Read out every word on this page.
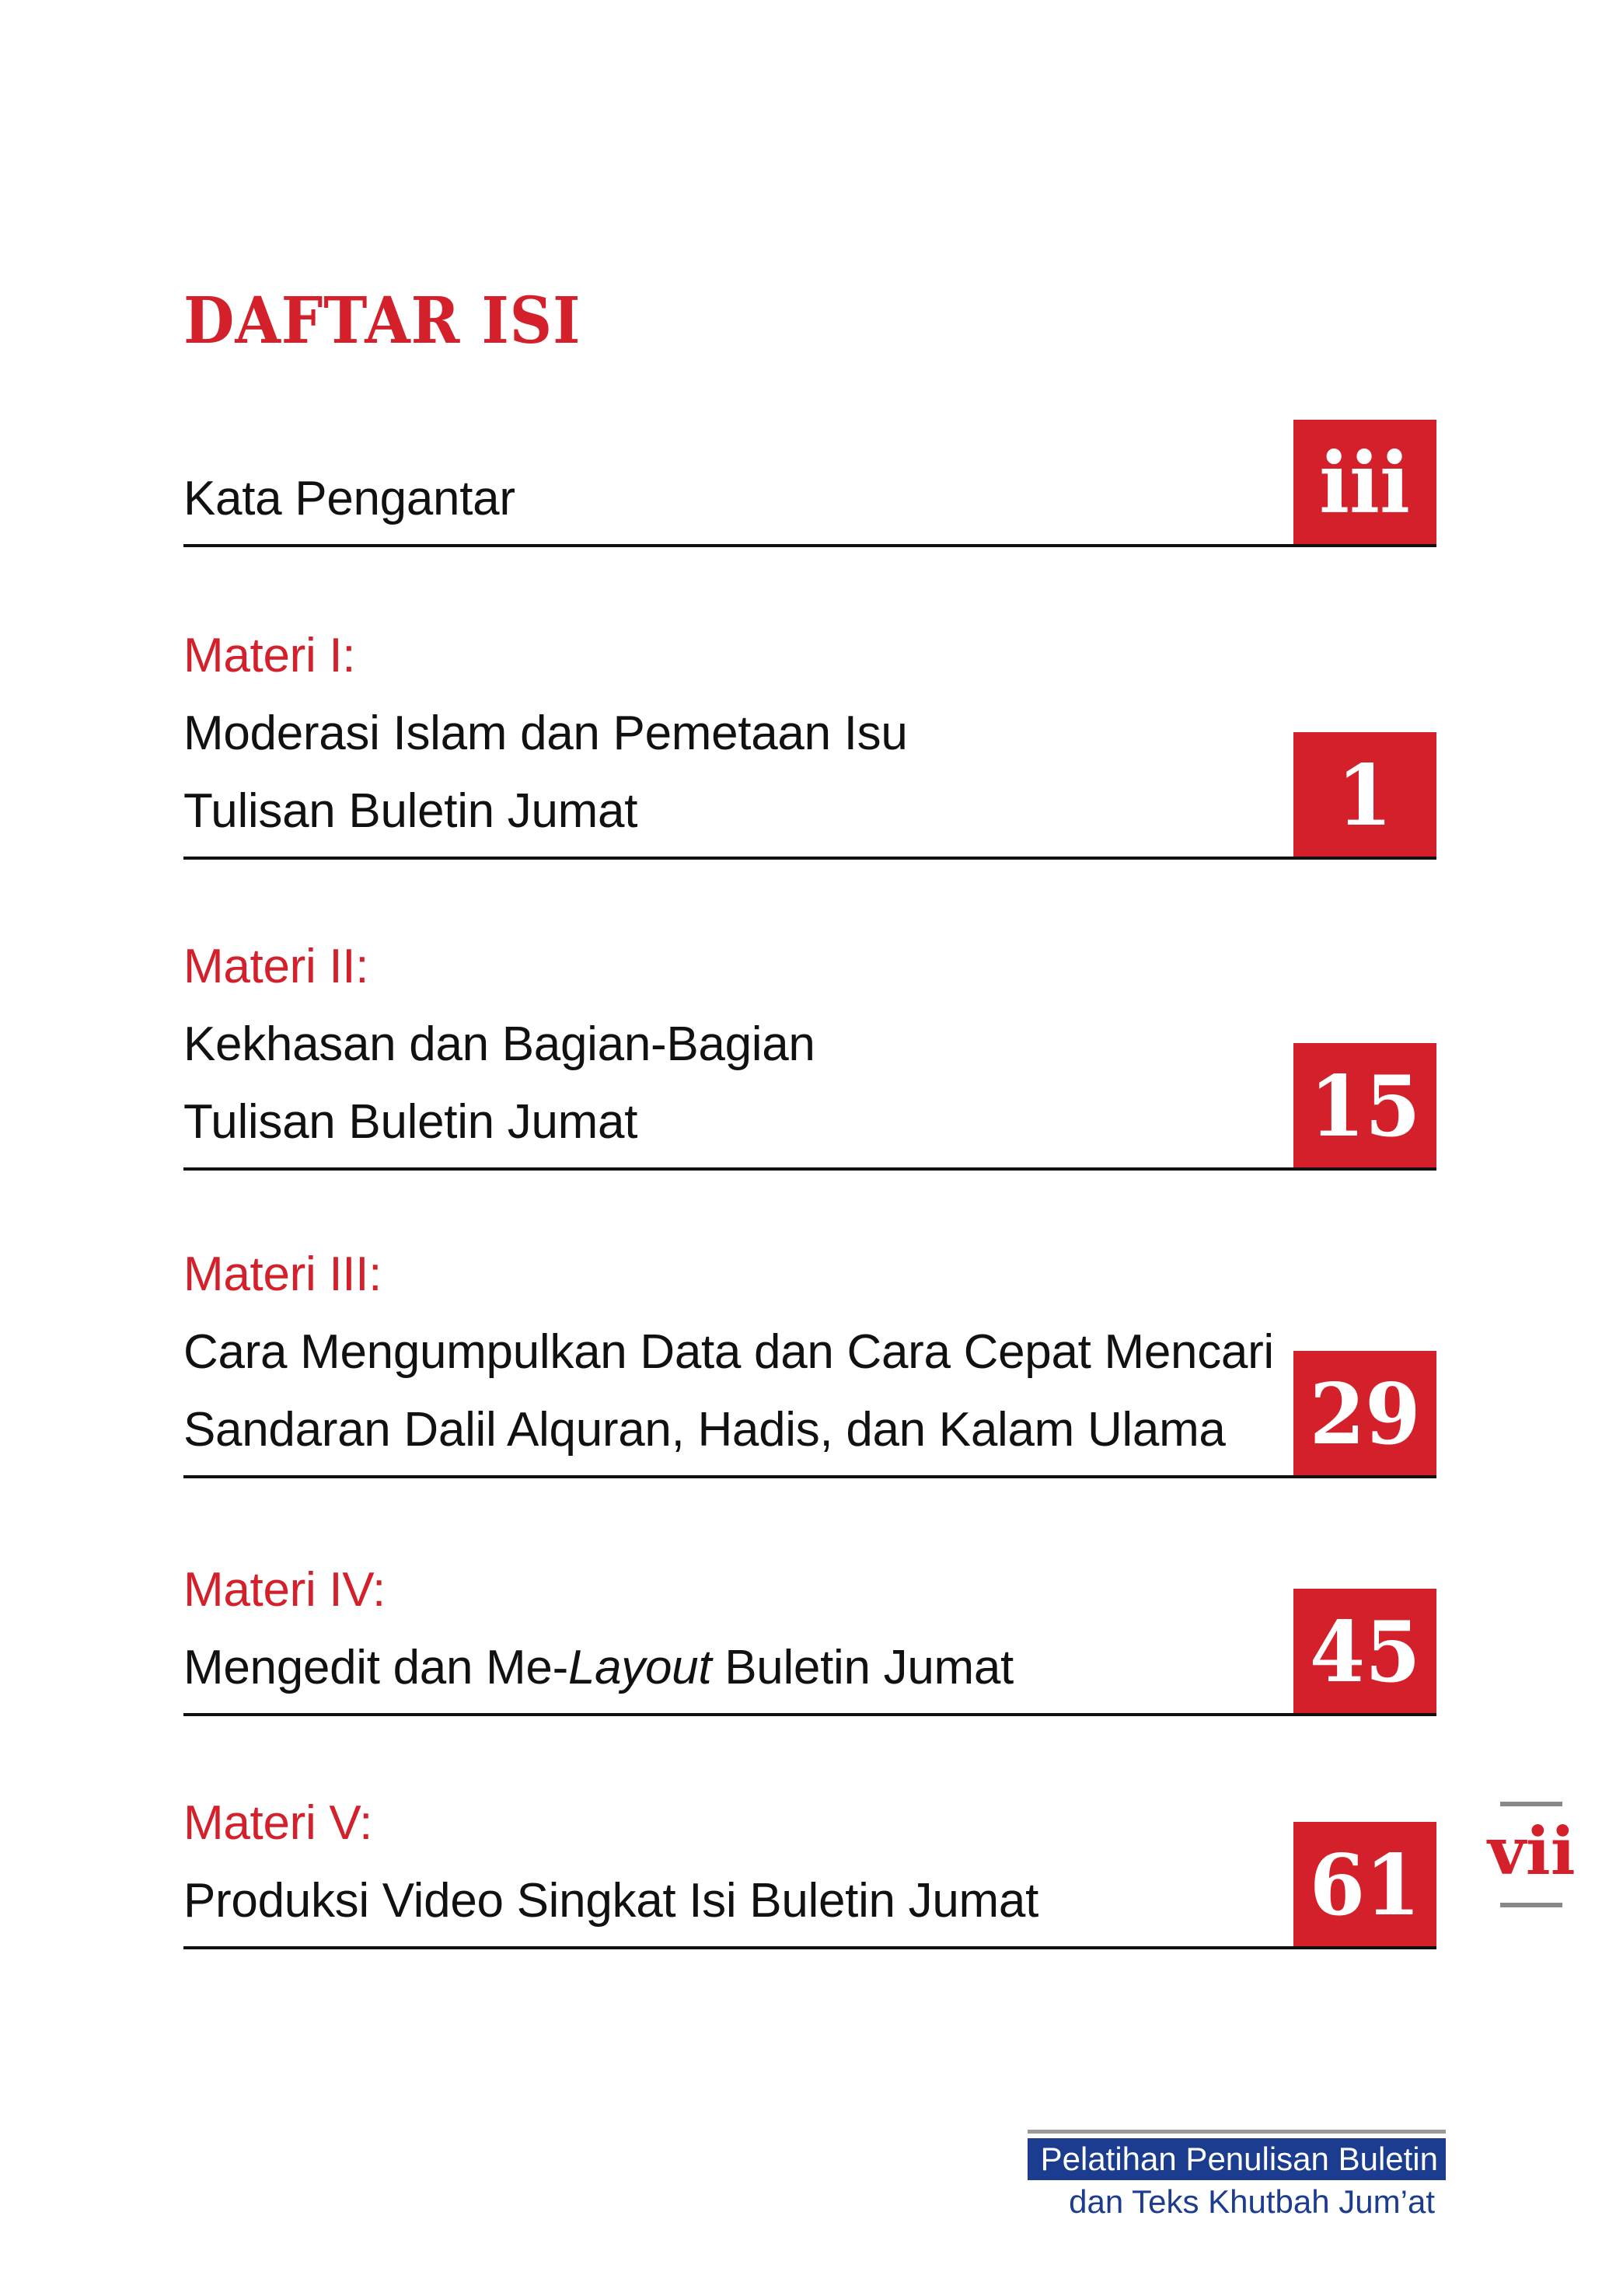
DAFTAR ISI
Kata Pengantar	iii
Materi I:
Moderasi Islam dan Pemetaan Isu
Tulisan Buletin Jumat	1
Materi II:
Kekhasan dan Bagian-Bagian
Tulisan Buletin Jumat	15
Materi III:
Cara Mengumpulkan Data dan Cara Cepat Mencari
Sandaran Dalil Alquran, Hadis, dan Kalam Ulama 29
Materi IV:
Mengedit dan Me-Layout Buletin Jumat	45
Materi V:
Produksi Video Singkat Isi Buletin Jumat	61 vii
Pelatihan Penulisan Buletin
dan Teks Khutbah Jum’at
